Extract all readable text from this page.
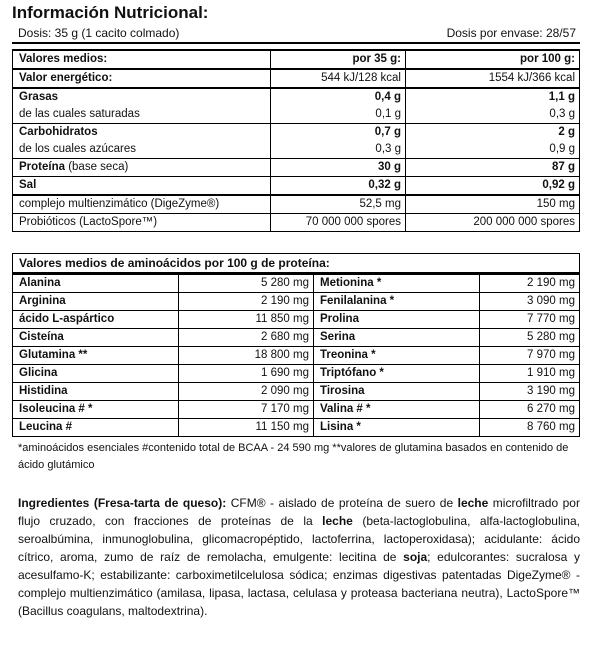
Información Nutricional:
Dosis: 35 g (1 cacito colmado)	Dosis por envase: 28/57
Valores medios:	por 35 g:	por 100 g:
Valor energético:	544 kJ/128 kcal	1554 kJ/366 kcal
Grasas	0,4 g	1,1 g
de las cuales saturadas	0,1 g	0,3 g
Carbohidratos	0,7 g	2 g
de los cuales azúcares	0,3 g	0,9 g
Proteína (base seca)	30 g	87 g
Sal	0,32 g	0,92 g
complejo multienzimático (DigeZyme®)	52,5 mg	150 mg
Probióticos (LactoSpore™)	70 000 000 spores	200 000 000 spores
Valores medios de aminoácidos por 100 g de proteína:
Alanina	5 280 mg	Metionina *	2 190 mg
Arginina	2 190 mg	Fenilalanina *	3 090 mg
ácido L-aspártico	11 850 mg	Prolina	7 770 mg
Cisteína	2 680 mg	Serina	5 280 mg
Glutamina **	18 800 mg	Treonina *	7 970 mg
Glicina	1 690 mg	Triptófano *	1 910 mg
Histidina	2 090 mg	Tirosina	3 190 mg
Isoleucina # *	7 170 mg	Valina # *	6 270 mg
Leucina #	11 150 mg	Lisina *	8 760 mg
*aminoácidos esenciales #contenido total de BCAA - 24 590 mg **valores de glutamina basados en contenido de ácido glutámico
Ingredientes (Fresa-tarta de queso): CFM® - aislado de proteína de suero de leche microfiltrado por flujo cruzado, con fracciones de proteínas de la leche (beta-lactoglobulina, alfa-lactoglobulina, seroalbúmina, inmunoglobulina, glicomacropéptido, lactoferrina, lactoperoxidasa); acidulante: ácido cítrico, aroma, zumo de raíz de remolacha, emulgente: lecitina de soja; edulcorantes: sucralosa y acesulfamo-K; estabilizante: carboximetilcelulosa sódica; enzimas digestivas patentadas DigeZyme® - complejo multienzimático (amilasa, lipasa, lactasa, celulasa y proteasa bacteriana neutra), LactoSpore™ (Bacillus coagulans, maltodextrina).
